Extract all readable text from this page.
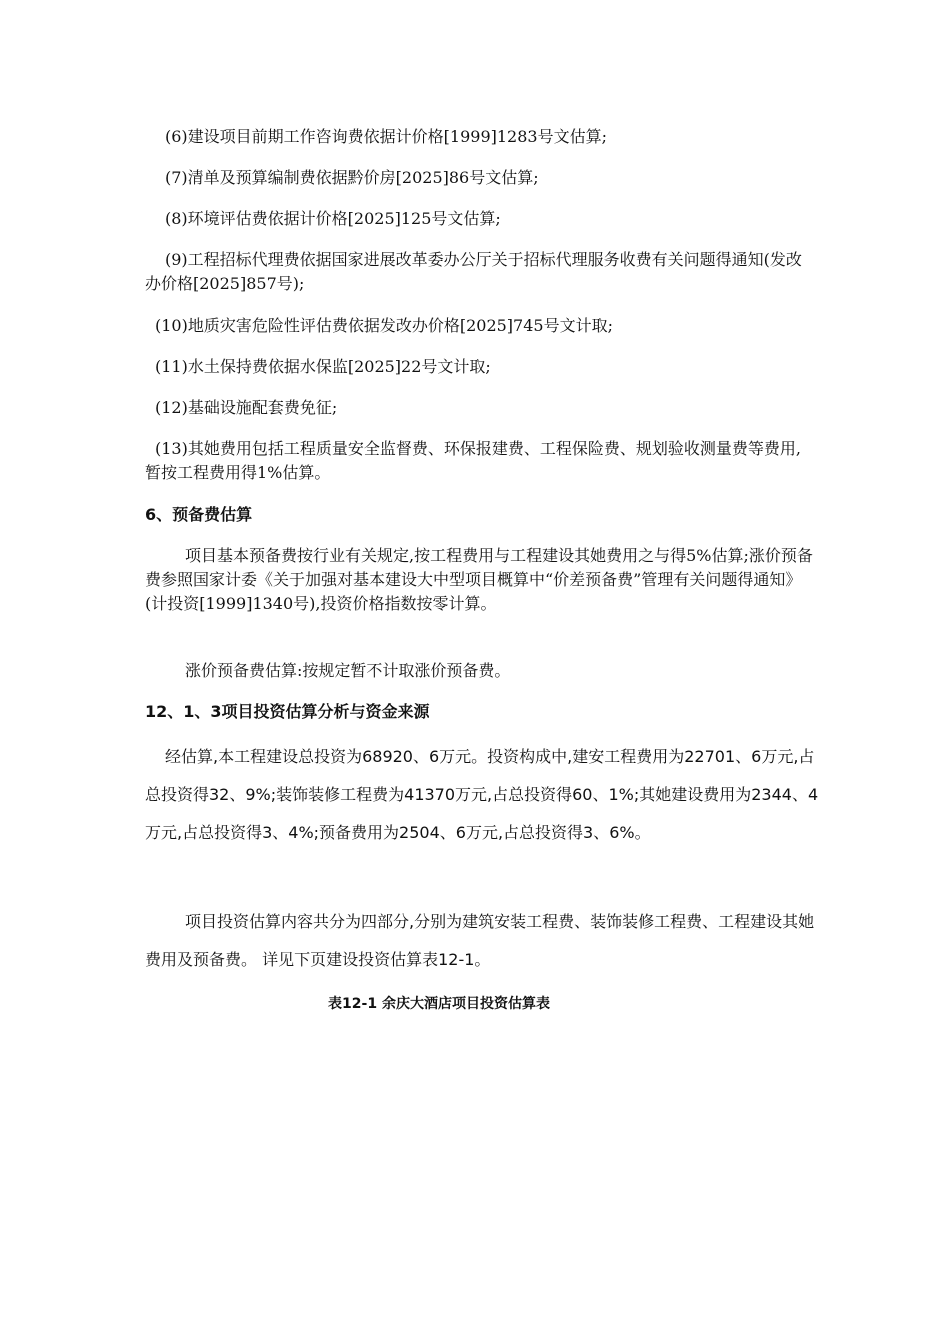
(6)建设项目前期工作咨询费依据计价格[1999]1283号文估算;
(7)清单及预算编制费依据黔价房[2025]86号文估算;
(8)环境评估费依据计价格[2025]125号文估算;
(9)工程招标代理费依据国家进展改革委办公厅关于招标代理服务收费有关问题得通知(发改办价格[2025]857号);
(10)地质灾害危险性评估费依据发改办价格[2025]745号文计取;
(11)水土保持费依据水保监[2025]22号文计取;
(12)基础设施配套费免征;
(13)其她费用包括工程质量安全监督费、环保报建费、工程保险费、规划验收测量费等费用,暂按工程费用得1%估算。
6、预备费估算
项目基本预备费按行业有关规定,按工程费用与工程建设其她费用之与得5%估算;涨价预备费参照国家计委《关于加强对基本建设大中型项目概算中“价差预备费”管理有关问题得通知》(计投资[1999]1340号),投资价格指数按零计算。
涨价预备费估算:按规定暂不计取涨价预备费。
12、1、3项目投资估算分析与资金来源
经估算,本工程建设总投资为68920、6万元。投资构成中,建安工程费用为22701、6万元,占总投资得32、9%;装饰装修工程费为41370万元,占总投资得60、1%;其她建设费用为2344、4万元,占总投资得3、4%;预备费用为2504、6万元,占总投资得3、6%。
项目投资估算内容共分为四部分,分别为建筑安装工程费、装饰装修工程费、工程建设其她费用及预备费。 详见下页建设投资估算表12-1。
表12-1 余庆大酒店项目投资估算表
